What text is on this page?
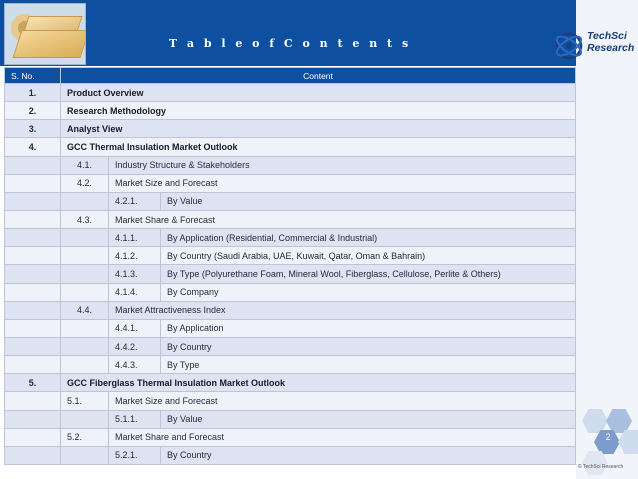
T a b l e o f C o n t e n t s
TechSci
Research
2
© TechSci Research
S. No.	Content		
1.	Product Overview		
2.	Research Methodology		
3.	Analyst View		
4.	GCC Thermal Insulation Market Outlook		
	4.1.	Industry Structure & Stakeholders	
	4.2.	Market Size and Forecast	
		4.2.1.	By Value
	4.3.	Market Share & Forecast	
		4.1.1.	By Application (Residential, Commercial & Industrial)
		4.1.2.	By Country (Saudi Arabia, UAE, Kuwait, Qatar, Oman & Bahrain)
		4.1.3.	By Type (Polyurethane Foam, Mineral Wool, Fiberglass, Cellulose, Perlite & Others)
		4.1.4.	By Company
	4.4.	Market Attractiveness Index	
		4.4.1.	By Application
		4.4.2.	By Country
		4.4.3.	By Type
5.	GCC Fiberglass Thermal Insulation Market Outlook		
	5.1.	Market Size and Forecast	
		5.1.1.	By Value
	5.2.	Market Share and Forecast	
		5.2.1.	By Country
